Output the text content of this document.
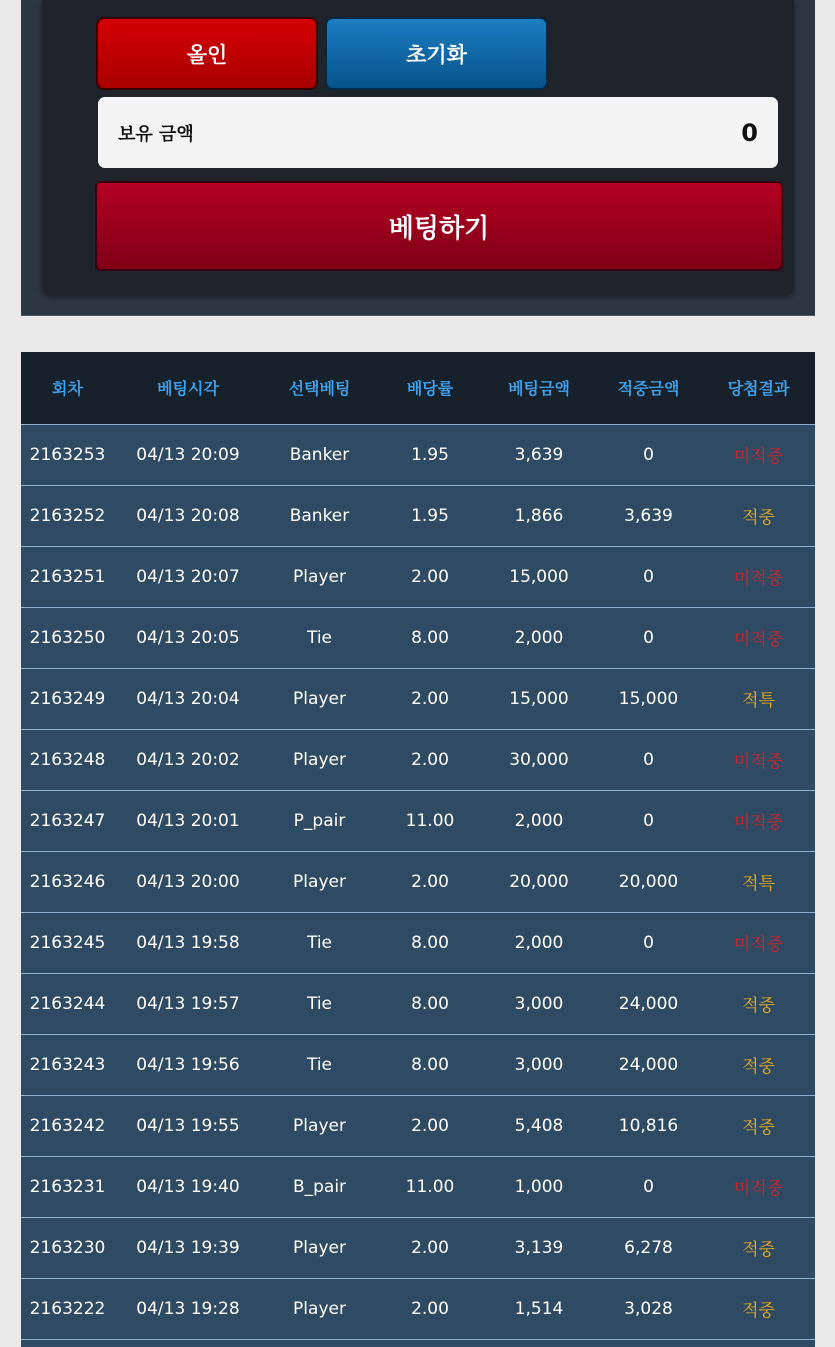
올인	초기화
보유 금액	0
베팅하기
회차	베팅시각	선택베팅	배당률	베팅금액	적중금액	당첨결과
2163253	04/13 20:09	Banker	1.95	3,639	0	미적중
2163252	04/13 20:08	Banker	1.95	1,866	3,639	적중
2163251	04/13 20:07	Player	2.00	15,000	0	미적중
2163250	04/13 20:05	Tie	8.00	2,000	0	미적중
2163249	04/13 20:04	Player	2.00	15,000	15,000	적특
2163248	04/13 20:02	Player	2.00	30,000	0	미적중
2163247	04/13 20:01	P_pair	11.00	2,000	0	미적중
2163246	04/13 20:00	Player	2.00	20,000	20,000	적특
2163245	04/13 19:58	Tie	8.00	2,000	0	미적중
2163244	04/13 19:57	Tie	8.00	3,000	24,000	적중
2163243	04/13 19:56	Tie	8.00	3,000	24,000	적중
2163242	04/13 19:55	Player	2.00	5,408	10,816	적중
2163231	04/13 19:40	B_pair	11.00	1,000	0	미적중
2163230	04/13 19:39	Player	2.00	3,139	6,278	적중
2163222	04/13 19:28	Player	2.00	1,514	3,028	적중
